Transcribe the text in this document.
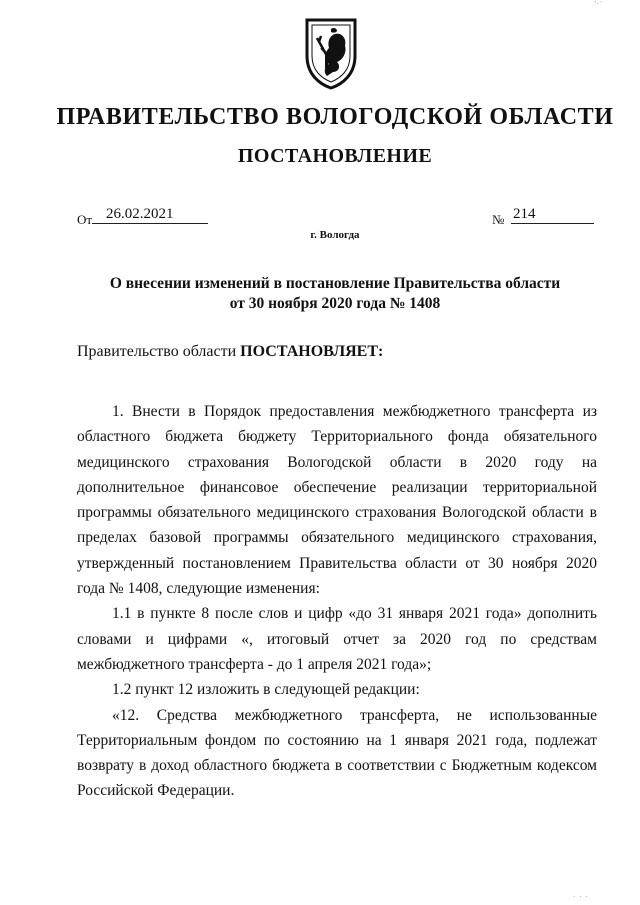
'· '
ПРАВИТЕЛЬСТВО ВОЛОГОДСКОЙ ОБЛАСТИ
ПОСТАНОВЛЕНИЕ
От 26.02.2021	№ 214
г. Вологда
О внесении изменений в постановление Правительства области
от 30 ноября 2020 года № 1408
Правительство области ПОСТАНОВЛЯЕТ:

1. Внести в Порядок предоставления межбюджетного трансферта из областного бюджета бюджету Территориального фонда обязательного медицинского страхования Вологодской области в 2020 году на дополнительное финансовое обеспечение реализации территориальной программы обязательного медицинского страхования Вологодской области в пределах базовой программы обязательного медицинского страхования, утвержденный постановлением Правительства области от 30 ноября 2020 года № 1408, следующие изменения:

1.1 в пункте 8 после слов и цифр «до 31 января 2021 года» дополнить словами и цифрами «, итоговый отчет за 2020 год по средствам межбюджетного трансферта - до 1 апреля 2021 года»;

1.2 пункт 12 изложить в следующей редакции:

«12. Средства межбюджетного трансферта, не использованные Территориальным фондом по состоянию на 1 января 2021 года, подлежат возврату в доход областного бюджета в соответствии с Бюджетным кодексом Российской Федерации.

· · ·
